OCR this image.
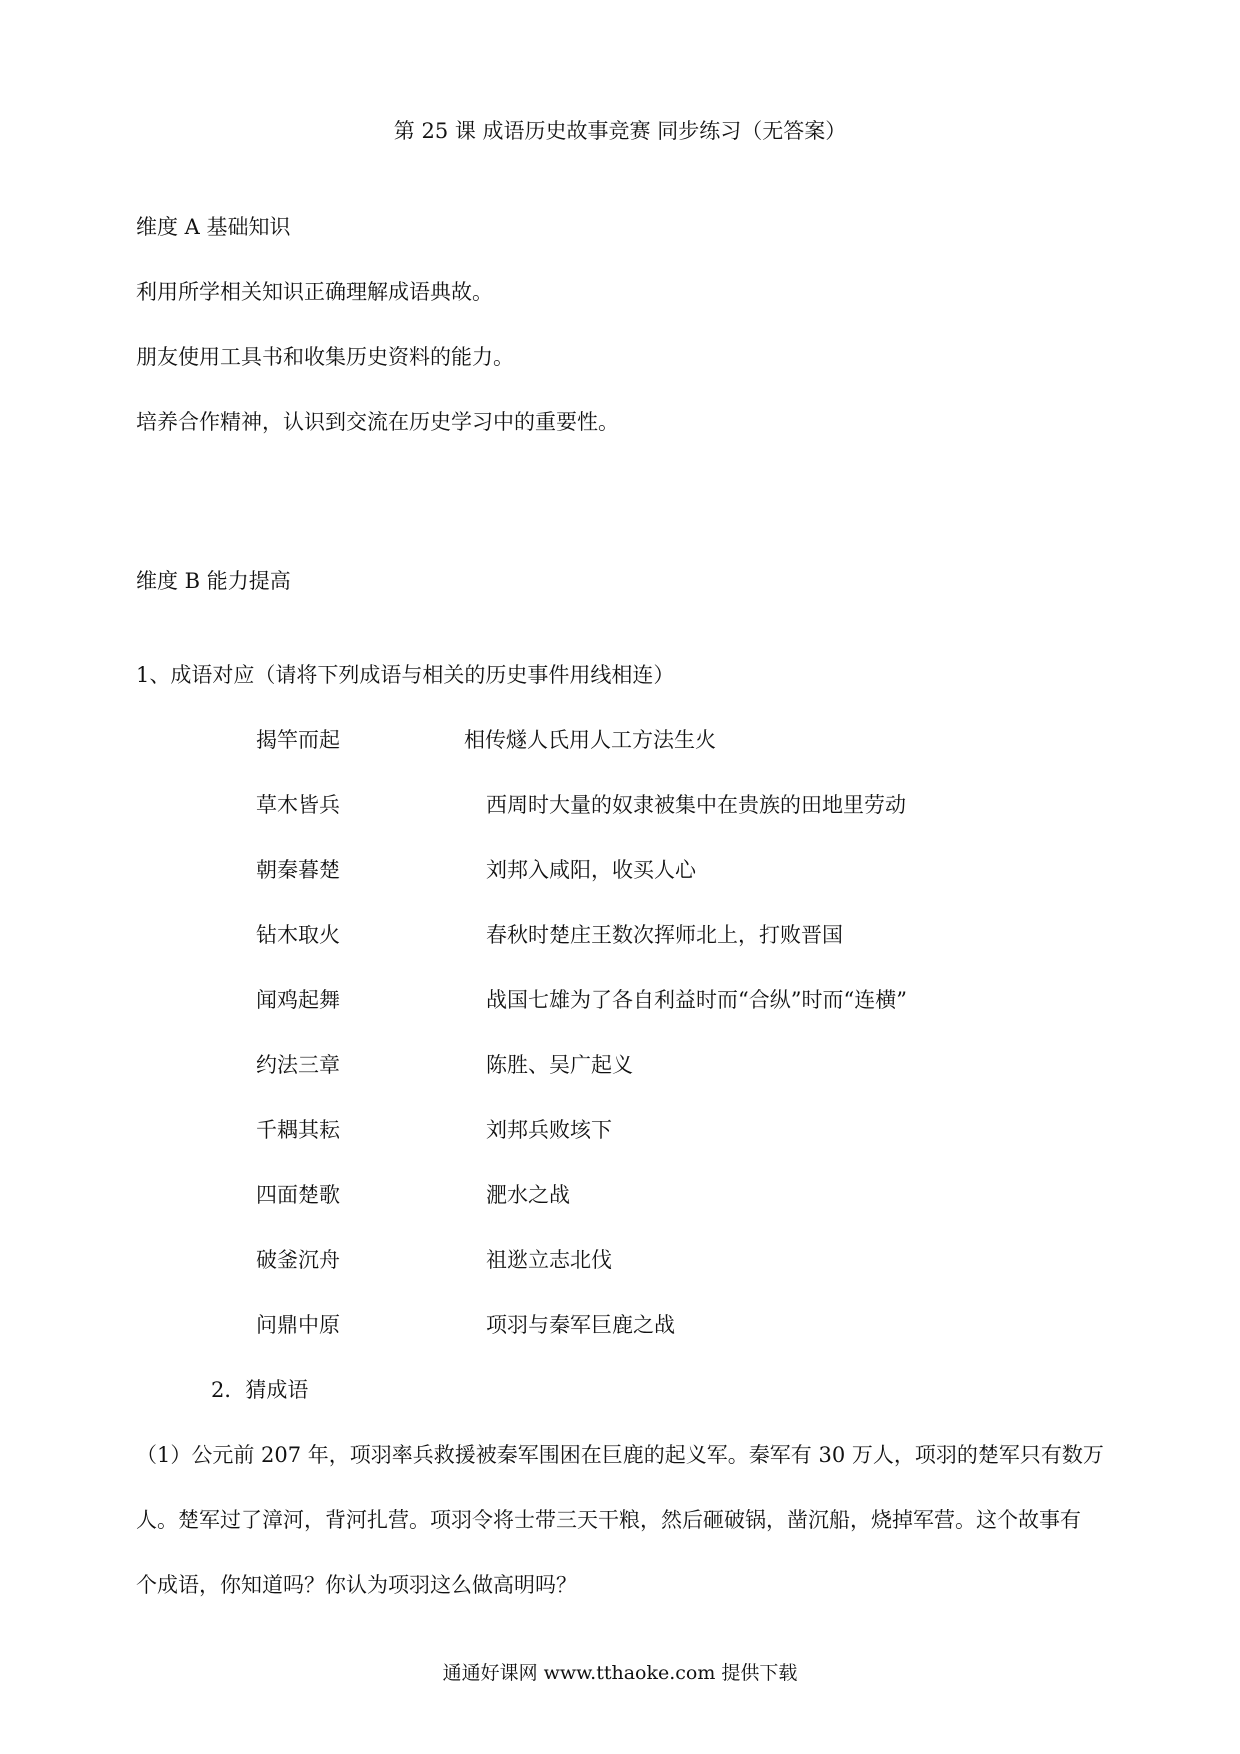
第 25 课 成语历史故事竞赛 同步练习（无答案）

维度 A 基础知识

利用所学相关知识正确理解成语典故。

朋友使用工具书和收集历史资料的能力。

培养合作精神，认识到交流在历史学习中的重要性。

维度 B 能力提高

1、成语对应（请将下列成语与相关的历史事件用线相连）

揭竿而起	相传燧人氏用人工方法生火

草木皆兵	西周时大量的奴隶被集中在贵族的田地里劳动

朝秦暮楚	刘邦入咸阳，收买人心

钻木取火	春秋时楚庄王数次挥师北上，打败晋国

闻鸡起舞	战国七雄为了各自利益时而“合纵”时而“连横”

约法三章	陈胜、吴广起义

千耦其耘	刘邦兵败垓下

四面楚歌	淝水之战

破釜沉舟	祖逖立志北伐

问鼎中原	项羽与秦军巨鹿之战

2．猜成语

（1）公元前 207 年，项羽率兵救援被秦军围困在巨鹿的起义军。秦军有 30 万人，项羽的楚军只有数万

人。楚军过了漳河，背河扎营。项羽令将士带三天干粮，然后砸破锅，凿沉船，烧掉军营。这个故事有

个成语，你知道吗？你认为项羽这么做高明吗？

通通好课网 www.tthaoke.com 提供下载
